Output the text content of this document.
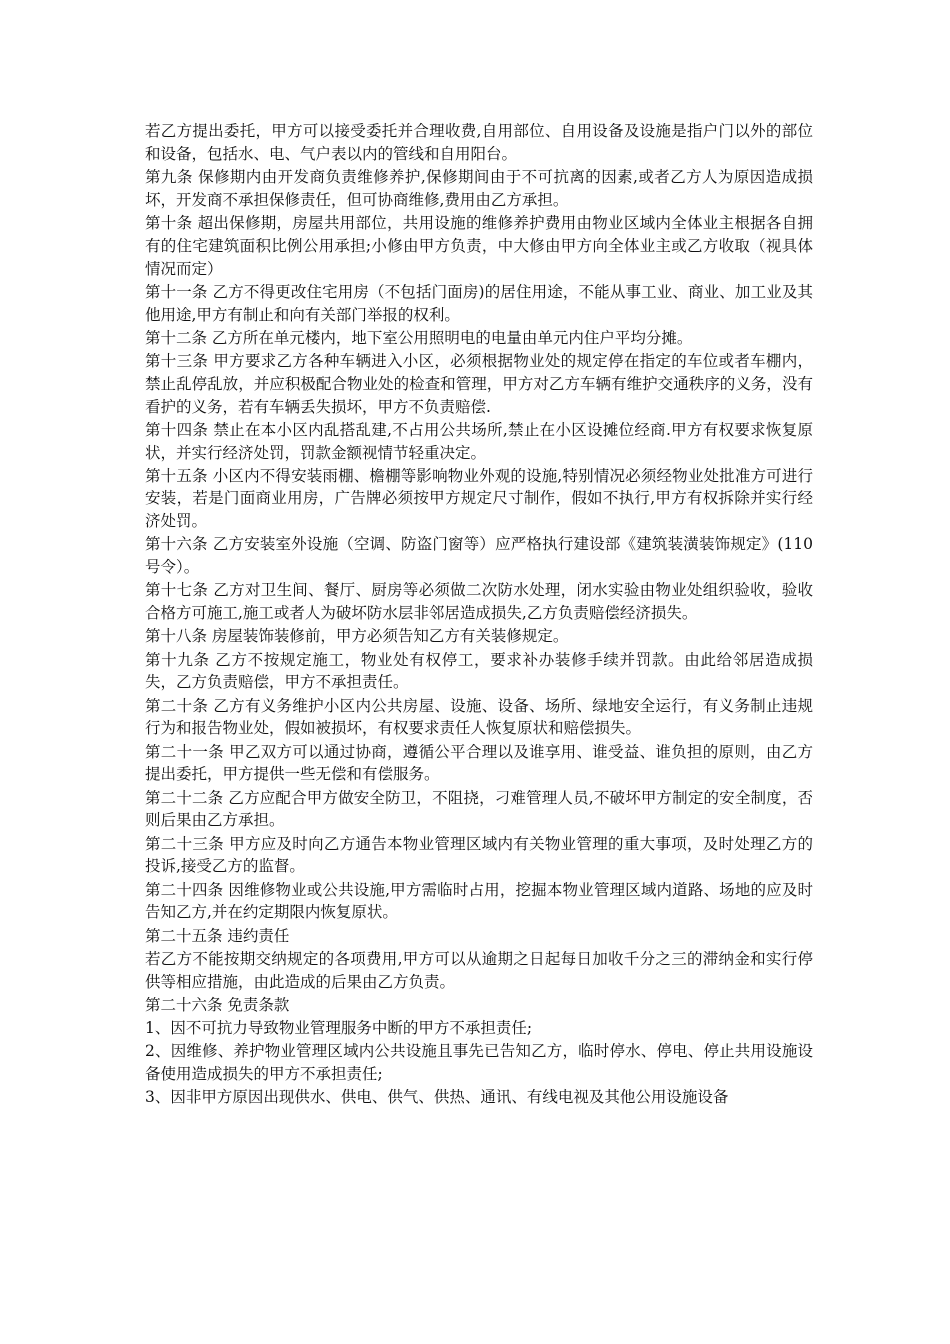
若乙方提出委托，甲方可以接受委托并合理收费,自用部位、自用设备及设施是指户门以外的部位和设备，包括水、电、气户表以内的管线和自用阳台。

第九条 保修期内由开发商负责维修养护,保修期间由于不可抗离的因素,或者乙方人为原因造成损坏，开发商不承担保修责任，但可协商维修,费用由乙方承担。

第十条 超出保修期，房屋共用部位，共用设施的维修养护费用由物业区域内全体业主根据各自拥有的住宅建筑面积比例公用承担;小修由甲方负责，中大修由甲方向全体业主或乙方收取（视具体情况而定）

第十一条 乙方不得更改住宅用房（不包括门面房)的居住用途，不能从事工业、商业、加工业及其他用途,甲方有制止和向有关部门举报的权利。

第十二条 乙方所在单元楼内，地下室公用照明电的电量由单元内住户平均分摊。

第十三条 甲方要求乙方各种车辆进入小区，必须根据物业处的规定停在指定的车位或者车棚内，禁止乱停乱放，并应积极配合物业处的检查和管理，甲方对乙方车辆有维护交通秩序的义务，没有看护的义务，若有车辆丢失损坏，甲方不负责赔偿.

第十四条 禁止在本小区内乱搭乱建,不占用公共场所,禁止在小区设摊位经商.甲方有权要求恢复原状，并实行经济处罚，罚款金额视情节轻重决定。

第十五条 小区内不得安装雨棚、檐棚等影响物业外观的设施,特别情况必须经物业处批准方可进行安装，若是门面商业用房，广告牌必须按甲方规定尺寸制作，假如不执行,甲方有权拆除并实行经济处罚。

第十六条 乙方安装室外设施（空调、防盗门窗等）应严格执行建设部《建筑装潢装饰规定》(110号令）。

第十七条 乙方对卫生间、餐厅、厨房等必须做二次防水处理，闭水实验由物业处组织验收，验收合格方可施工,施工或者人为破坏防水层非邻居造成损失,乙方负责赔偿经济损失。

第十八条 房屋装饰装修前，甲方必须告知乙方有关装修规定。

第十九条 乙方不按规定施工，物业处有权停工，要求补办装修手续并罚款。由此给邻居造成损失，乙方负责赔偿，甲方不承担责任。

第二十条 乙方有义务维护小区内公共房屋、设施、设备、场所、绿地安全运行，有义务制止违规行为和报告物业处，假如被损坏，有权要求责任人恢复原状和赔偿损失。

第二十一条 甲乙双方可以通过协商，遵循公平合理以及谁享用、谁受益、谁负担的原则，由乙方提出委托，甲方提供一些无偿和有偿服务。

第二十二条 乙方应配合甲方做安全防卫，不阻挠，刁难管理人员,不破坏甲方制定的安全制度，否则后果由乙方承担。

第二十三条 甲方应及时向乙方通告本物业管理区域内有关物业管理的重大事项，及时处理乙方的投诉,接受乙方的监督。

第二十四条 因维修物业或公共设施,甲方需临时占用，挖掘本物业管理区域内道路、场地的应及时告知乙方,并在约定期限内恢复原状。

第二十五条 违约责任

若乙方不能按期交纳规定的各项费用,甲方可以从逾期之日起每日加收千分之三的滞纳金和实行停供等相应措施，由此造成的后果由乙方负责。

第二十六条 免责条款

1、因不可抗力导致物业管理服务中断的甲方不承担责任;

2、因维修、养护物业管理区域内公共设施且事先已告知乙方，临时停水、停电、停止共用设施设备使用造成损失的甲方不承担责任;

3、因非甲方原因出现供水、供电、供气、供热、通讯、有线电视及其他公用设施设备
